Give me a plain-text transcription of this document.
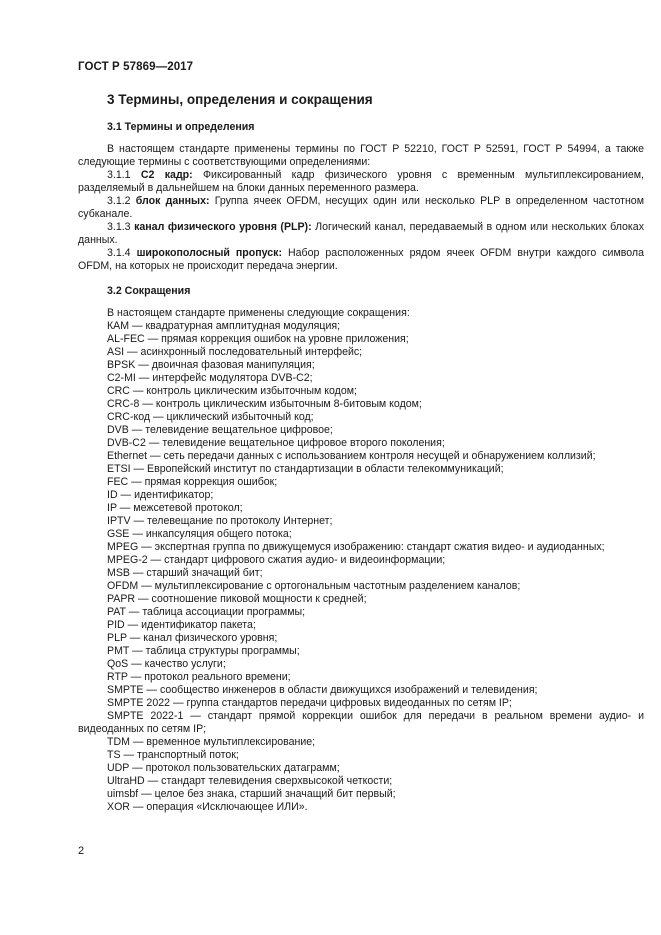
ГОСТ Р 57869—2017
3 Термины, определения и сокращения
3.1 Термины и определения

В настоящем стандарте применены термины по ГОСТ Р 52210, ГОСТ Р 52591, ГОСТ Р 54994, а также следующие термины с соответствующими определениями:

3.1.1 C2 кадр: Фиксированный кадр физического уровня с временным мультиплексированием, разделяемый в дальнейшем на блоки данных переменного размера.

3.1.2 блок данных: Группа ячеек OFDM, несущих один или несколько PLP в определенном частотном субканале.

3.1.3 канал физического уровня (PLP): Логический канал, передаваемый в одном или нескольких блоках данных.

3.1.4 широкополосный пропуск: Набор расположенных рядом ячеек OFDM внутри каждого символа OFDM, на которых не происходит передача энергии.

3.2 Сокращения
В настоящем стандарте применены следующие сокращения:
КАМ — квадратурная амплитудная модуляция;
AL-FEC — прямая коррекция ошибок на уровне приложения;
ASI — асинхронный последовательный интерфейс;
BPSK — двоичная фазовая манипуляция;
C2-MI — интерфейс модулятора DVB-C2;
CRC — контроль циклическим избыточным кодом;
CRC-8 — контроль циклическим избыточным 8-битовым кодом;
CRC-код — циклический избыточный код;
DVB — телевидение вещательное цифровое;
DVB-C2 — телевидение вещательное цифровое второго поколения;
Ethernet — сеть передачи данных с использованием контроля несущей и обнаружением коллизий;
ETSI — Европейский институт по стандартизации в области телекоммуникаций;
FEC — прямая коррекция ошибок;
ID — идентификатор;
IP — межсетевой протокол;
IPTV — телевещание по протоколу Интернет;
GSE — инкапсуляция общего потока;
MPEG — экспертная группа по движущемуся изображению: стандарт сжатия видео- и аудиоданных;
MPEG-2 — стандарт цифрового сжатия аудио- и видеоинформации;
MSB — старший значащий бит;
OFDM — мультиплексирование с ортогональным частотным разделением каналов;
PAPR — соотношение пиковой мощности к средней;
PAT — таблица ассоциации программы;
PID — идентификатор пакета;
PLP — канал физического уровня;
PMT — таблица структуры программы;
QoS — качество услуги;
RTP — протокол реального времени;
SMPTE — сообщество инженеров в области движущихся изображений и телевидения;
SMPTE 2022 — группа стандартов передачи цифровых видеоданных по сетям IP;
SMPTE 2022-1 — стандарт прямой коррекции ошибок для передачи в реальном времени аудио- и видеоданных по сетям IP;
TDM — временное мультиплексирование;
TS — транспортный поток;
UDP — протокол пользовательских датаграмм;
UltraHD — стандарт телевидения сверхвысокой четкости;
uimsbf — целое без знака, старший значащий бит первый;
XOR — операция «Исключающее ИЛИ».
2
